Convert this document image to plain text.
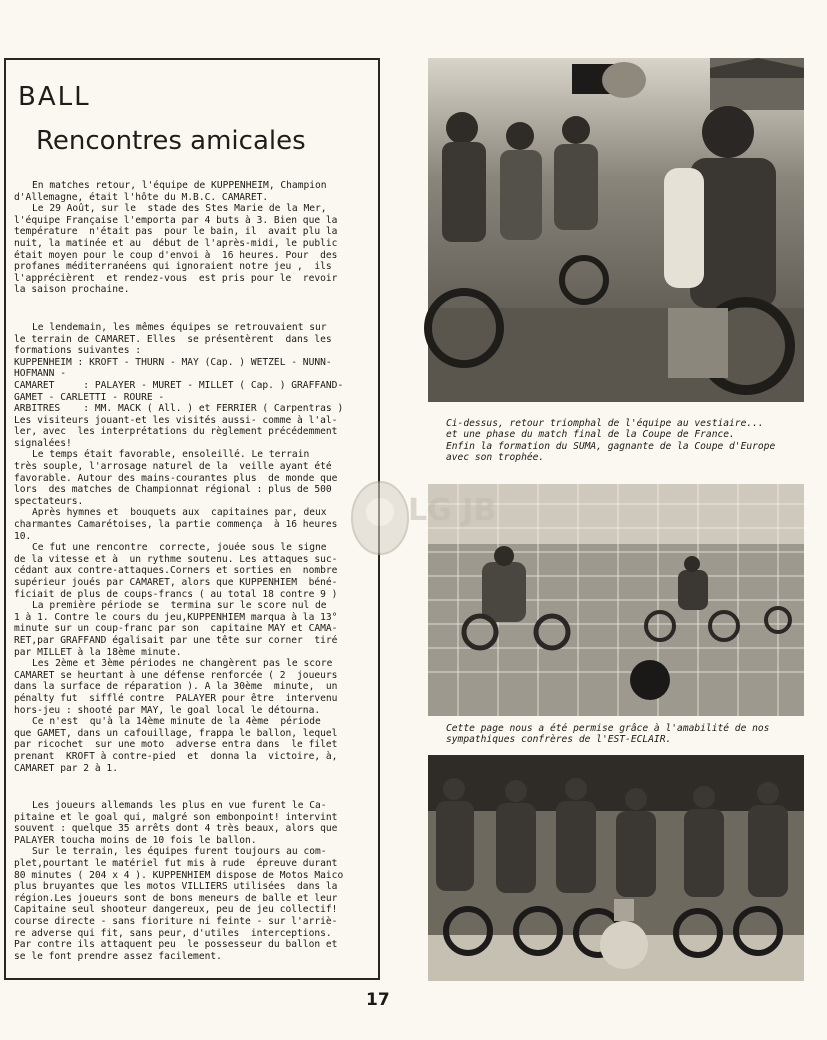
BALL
Rencontres amicales

En matches retour, l'équipe de KUPPENHEIM, Champion
d'Allemagne, était l'hôte du M.B.C. CAMARET.

Le 29 Août, sur le  stade des Stes Marie de la Mer,
l'équipe Française l'emporta par 4 buts à 3. Bien que la
température  n'était pas  pour le bain, il  avait plu la
nuit, la matinée et au  début de l'après-midi, le public
était moyen pour le coup d'envoi à  16 heures. Pour  des
profanes méditerranéens qui ignoraient notre jeu ,  ils
l'apprécièrent  et rendez-vous  est pris pour le  revoir
la saison prochaine.

Le lendemain, les mêmes équipes se retrouvaient sur
le terrain de CAMARET. Elles  se présentèrent  dans les
formations suivantes :

KUPPENHEIM : KROFT - THURN - MAY (Cap. ) WETZEL - NUNN-
HOFMANN -
CAMARET     : PALAYER - MURET - MILLET ( Cap. ) GRAFFAND-
GAMET - CARLETTI - ROURE -
ARBITRES    : MM. MACK ( All. ) et FERRIER ( Carpentras )
Les visiteurs jouant-et les visités aussi- comme à l'al-
ler, avec  les interprétations du règlement précédemment
signalées!

Le temps était favorable, ensoleillé. Le terrain
très souple, l'arrosage naturel de la  veille ayant été
favorable. Autour des mains-courantes plus  de monde que
lors  des matches de Championnat régional : plus de 500
spectateurs.

Après hymnes et  bouquets aux  capitaines par, deux
charmantes Camarétoises, la partie commença  à 16 heures
10.

Ce fut une rencontre  correcte, jouée sous le signe
de la vitesse et à  un rythme soutenu. Les attaques suc-
cédant aux contre-attaques.Corners et sorties en  nombre
supérieur joués par CAMARET, alors que KUPPENHIEM  béné-
ficiait de plus de coups-francs ( au total 18 contre 9 )

La première période se  termina sur le score nul de
1 à 1. Contre le cours du jeu,KUPPENHIEM marqua à la 13°
minute sur un coup-franc par son  capitaine MAY et CAMA-
RET,par GRAFFAND égalisait par une tête sur corner  tiré
par MILLET à la 18ème minute.

Les 2ème et 3ème périodes ne changèrent pas le score
CAMARET se heurtant à une défense renforcée ( 2  joueurs
dans la surface de réparation ). A la 30ème  minute,  un
pénalty fut  sifflé contre  PALAYER pour être  intervenu
hors-jeu : shooté par MAY, le goal local le détourna.

Ce n'est  qu'à la 14ème minute de la 4ème  période
que GAMET, dans un cafouillage, frappa le ballon, lequel
par ricochet  sur une moto  adverse entra dans  le filet
prenant  KROFT à contre-pied  et  donna la  victoire, à,
CAMARET par 2 à 1.

Les joueurs allemands les plus en vue furent le Ca-
pitaine et le goal qui, malgré son embonpoint! intervint
souvent : quelque 35 arrêts dont 4 très beaux, alors que
PALAYER toucha moins de 10 fois le ballon.

Sur le terrain, les équipes furent toujours au com-
plet,pourtant le matériel fut mis à rude  épreuve durant
80 minutes ( 204 x 4 ). KUPPENHIEM dispose de Motos Maico
plus bruyantes que les motos VILLIERS utilisées  dans la
région.Les joueurs sont de bons meneurs de balle et leur
Capitaine seul shooteur dangereux, peu de jeu collectif!
course directe - sans fioriture ni feinte - sur l'arriè-
re adverse qui fit, sans peur, d'utiles  interceptions.
Par contre ils attaquent peu  le possesseur du ballon et
se le font prendre assez facilement.

Ci-dessus, retour triomphal de l'équipe au vestiaire...
et une phase du match final de la Coupe de France.
Enfin la formation du SUMA, gagnante de la Coupe d'Europe
avec son trophée.
Cette page nous a été permise grâce à l'amabilité de nos
sympathiques confrères de l'EST-ECLAIR.
LG JB
17
